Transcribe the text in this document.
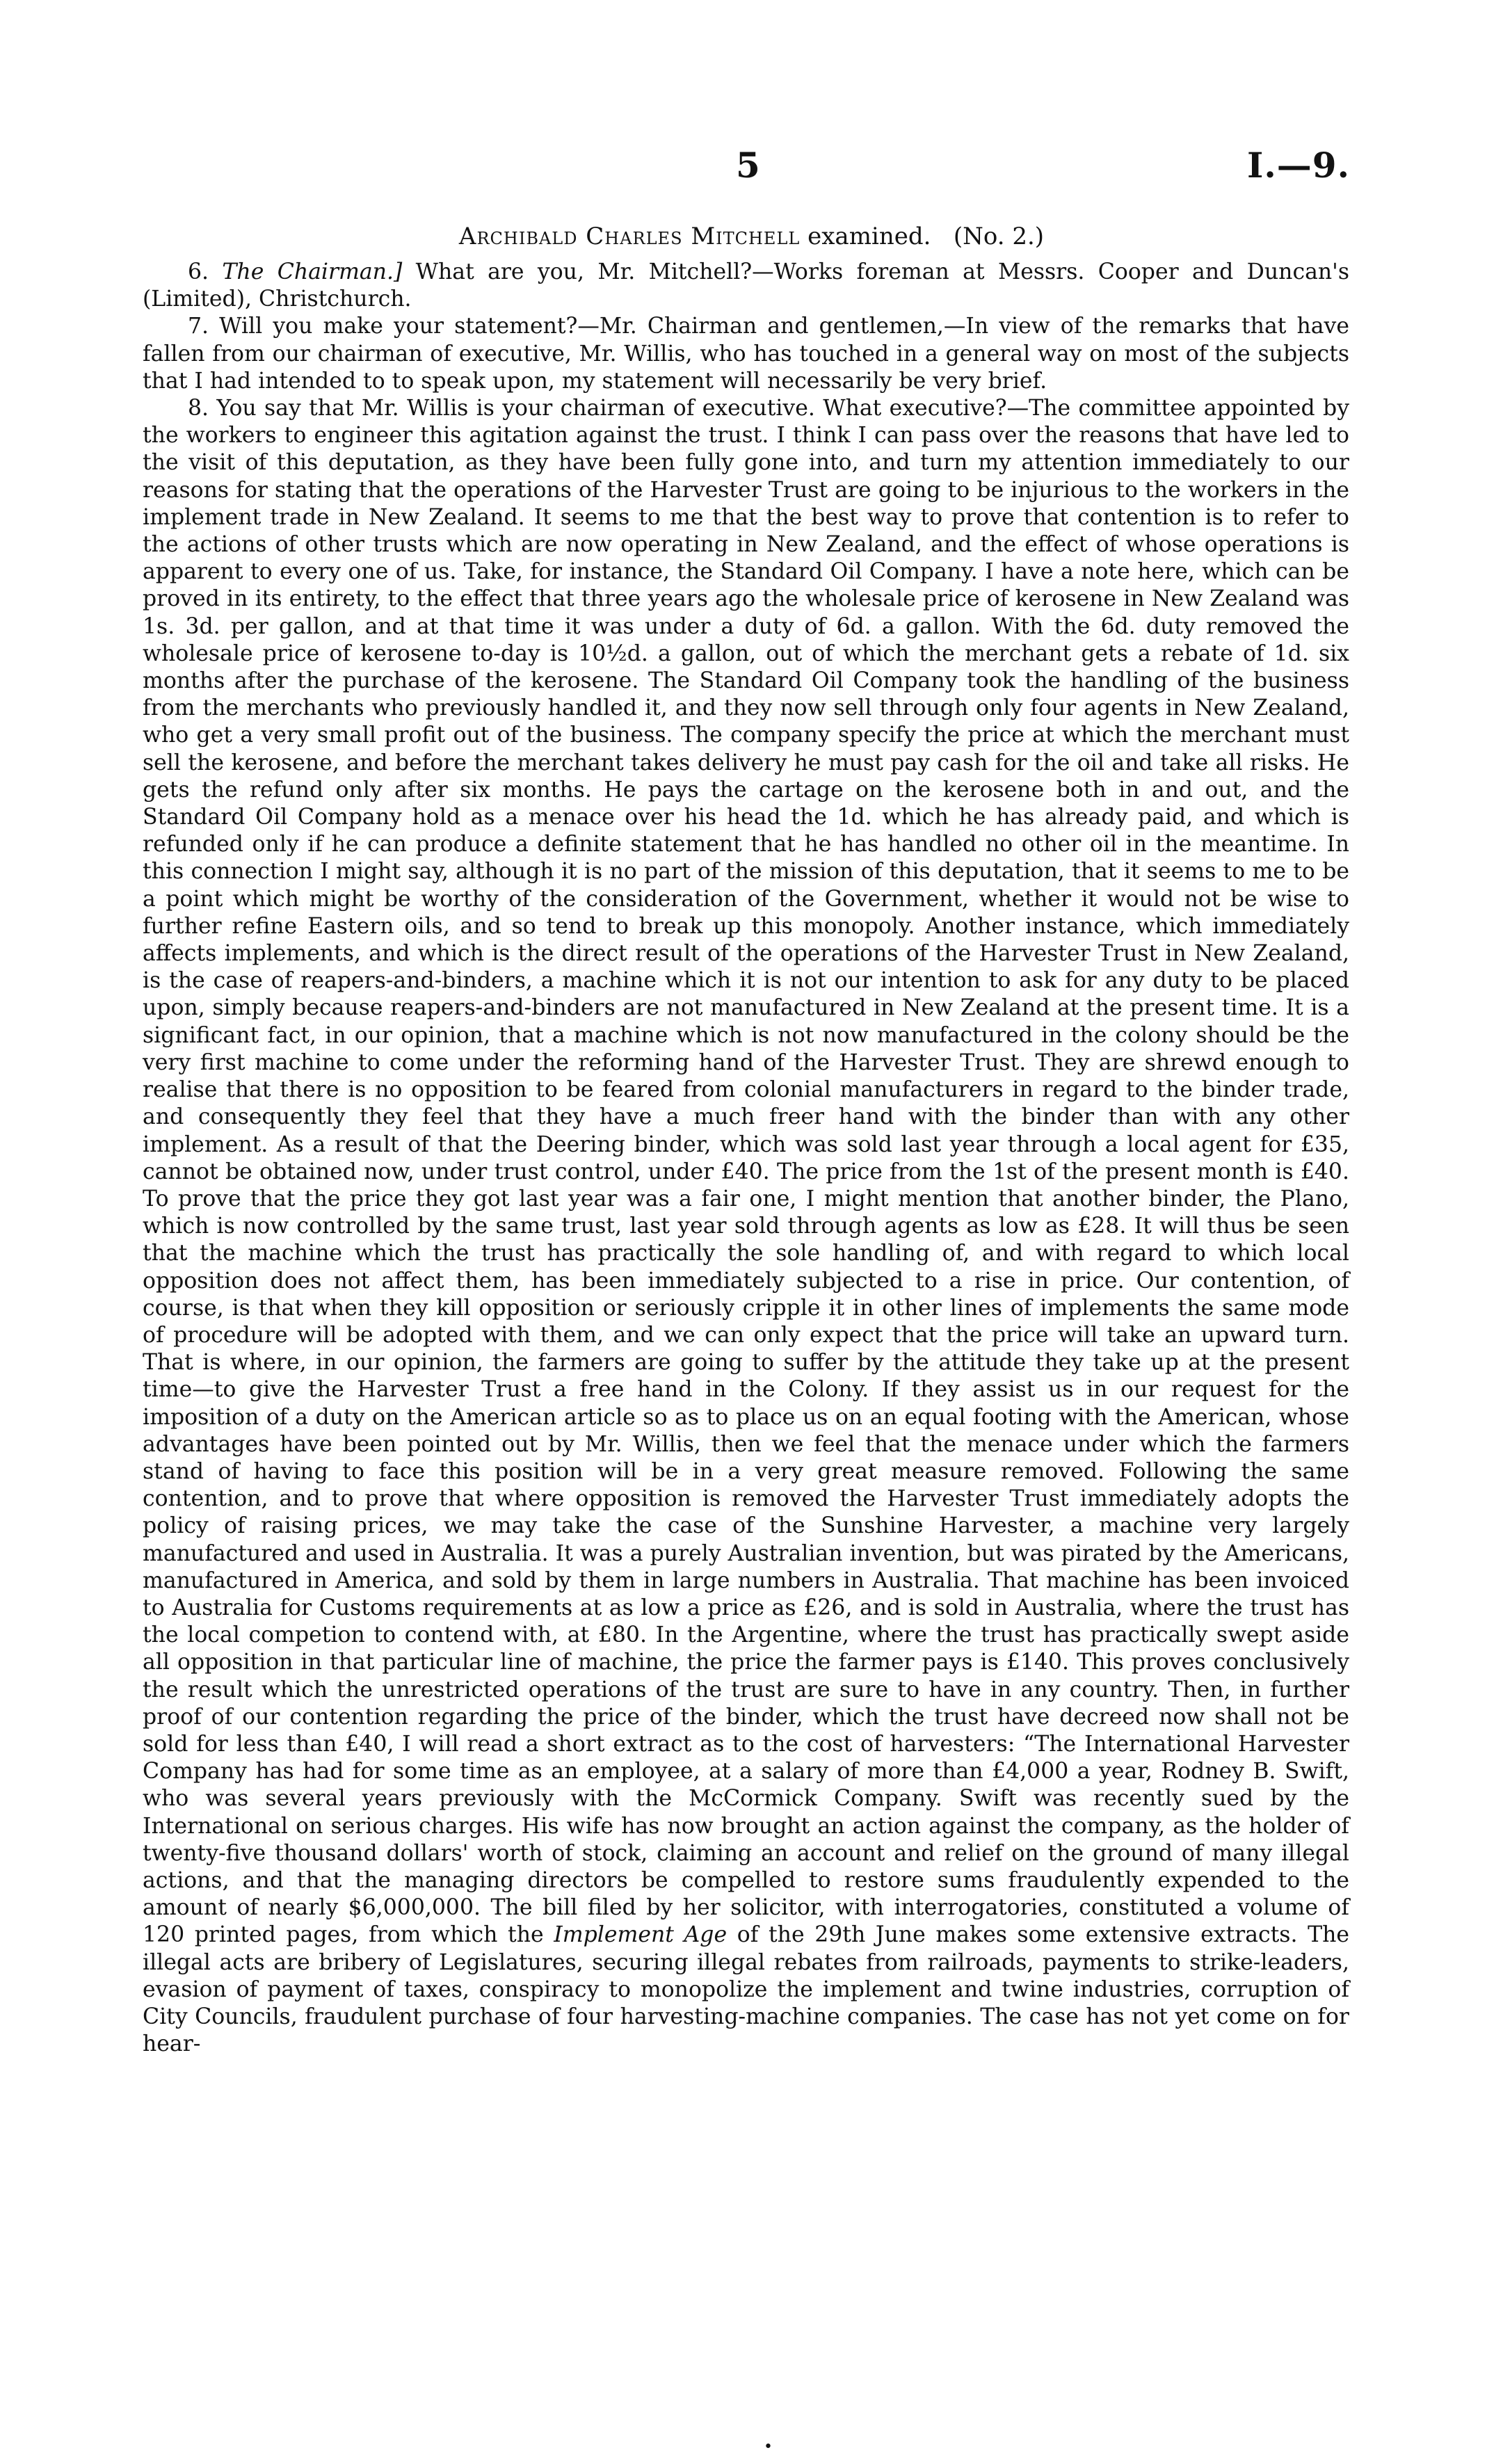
5	I.—9.
Archibald Charles Mitchell examined. (No. 2.)

6. The Chairman.] What are you, Mr. Mitchell?—Works foreman at Messrs. Cooper and Duncan's (Limited), Christchurch.

7. Will you make your statement?—Mr. Chairman and gentlemen,—In view of the remarks that have fallen from our chairman of executive, Mr. Willis, who has touched in a general way on most of the subjects that I had intended to to speak upon, my statement will necessarily be very brief.

8. You say that Mr. Willis is your chairman of executive. What executive?—The committee appointed by the workers to engineer this agitation against the trust. I think I can pass over the reasons that have led to the visit of this deputation, as they have been fully gone into, and turn my attention immediately to our reasons for stating that the operations of the Harvester Trust are going to be injurious to the workers in the implement trade in New Zealand. It seems to me that the best way to prove that contention is to refer to the actions of other trusts which are now operating in New Zealand, and the effect of whose operations is apparent to every one of us. Take, for instance, the Standard Oil Company. I have a note here, which can be proved in its entirety, to the effect that three years ago the wholesale price of kerosene in New Zealand was 1s. 3d. per gallon, and at that time it was under a duty of 6d. a gallon. With the 6d. duty removed the wholesale price of kerosene to-day is 10½d. a gallon, out of which the merchant gets a rebate of 1d. six months after the purchase of the kerosene. The Standard Oil Company took the handling of the business from the merchants who previously handled it, and they now sell through only four agents in New Zealand, who get a very small profit out of the business. The company specify the price at which the merchant must sell the kerosene, and before the merchant takes delivery he must pay cash for the oil and take all risks. He gets the refund only after six months. He pays the cartage on the kerosene both in and out, and the Standard Oil Company hold as a menace over his head the 1d. which he has already paid, and which is refunded only if he can produce a definite statement that he has handled no other oil in the meantime. In this connection I might say, although it is no part of the mission of this deputation, that it seems to me to be a point which might be worthy of the consideration of the Government, whether it would not be wise to further refine Eastern oils, and so tend to break up this monopoly. Another instance, which immediately affects implements, and which is the direct result of the operations of the Harvester Trust in New Zealand, is the case of reapers-and-binders, a machine which it is not our intention to ask for any duty to be placed upon, simply because reapers-and-binders are not manufactured in New Zealand at the present time. It is a significant fact, in our opinion, that a machine which is not now manufactured in the colony should be the very first machine to come under the reforming hand of the Harvester Trust. They are shrewd enough to realise that there is no opposition to be feared from colonial manufacturers in regard to the binder trade, and consequently they feel that they have a much freer hand with the binder than with any other implement. As a result of that the Deering binder, which was sold last year through a local agent for £35, cannot be obtained now, under trust control, under £40. The price from the 1st of the present month is £40. To prove that the price they got last year was a fair one, I might mention that another binder, the Plano, which is now controlled by the same trust, last year sold through agents as low as £28. It will thus be seen that the machine which the trust has practically the sole handling of, and with regard to which local opposition does not affect them, has been immediately subjected to a rise in price. Our contention, of course, is that when they kill opposition or seriously cripple it in other lines of implements the same mode of procedure will be adopted with them, and we can only expect that the price will take an upward turn. That is where, in our opinion, the farmers are going to suffer by the attitude they take up at the present time—to give the Harvester Trust a free hand in the Colony. If they assist us in our request for the imposition of a duty on the American article so as to place us on an equal footing with the American, whose advantages have been pointed out by Mr. Willis, then we feel that the menace under which the farmers stand of having to face this position will be in a very great measure removed. Following the same contention, and to prove that where opposition is removed the Harvester Trust immediately adopts the policy of raising prices, we may take the case of the Sunshine Harvester, a machine very largely manufactured and used in Australia. It was a purely Australian invention, but was pirated by the Americans, manufactured in America, and sold by them in large numbers in Australia. That machine has been invoiced to Australia for Customs requirements at as low a price as £26, and is sold in Australia, where the trust has the local competion to contend with, at £80. In the Argentine, where the trust has practically swept aside all opposition in that particular line of machine, the price the farmer pays is £140. This proves conclusively the result which the unrestricted operations of the trust are sure to have in any country. Then, in further proof of our contention regarding the price of the binder, which the trust have decreed now shall not be sold for less than £40, I will read a short extract as to the cost of harvesters: “The International Harvester Company has had for some time as an employee, at a salary of more than £4,000 a year, Rodney B. Swift, who was several years previously with the McCormick Company. Swift was recently sued by the International on serious charges. His wife has now brought an action against the company, as the holder of twenty-five thousand dollars' worth of stock, claiming an account and relief on the ground of many illegal actions, and that the managing directors be compelled to restore sums fraudulently expended to the amount of nearly $6,000,000. The bill filed by her solicitor, with interrogatories, constituted a volume of 120 printed pages, from which the Implement Age of the 29th June makes some extensive extracts. The illegal acts are bribery of Legislatures, securing illegal rebates from railroads, payments to strike-leaders, evasion of payment of taxes, conspiracy to monopolize the implement and twine industries, corruption of City Councils, fraudulent purchase of four harvesting-machine companies. The case has not yet come on for hear-

•
